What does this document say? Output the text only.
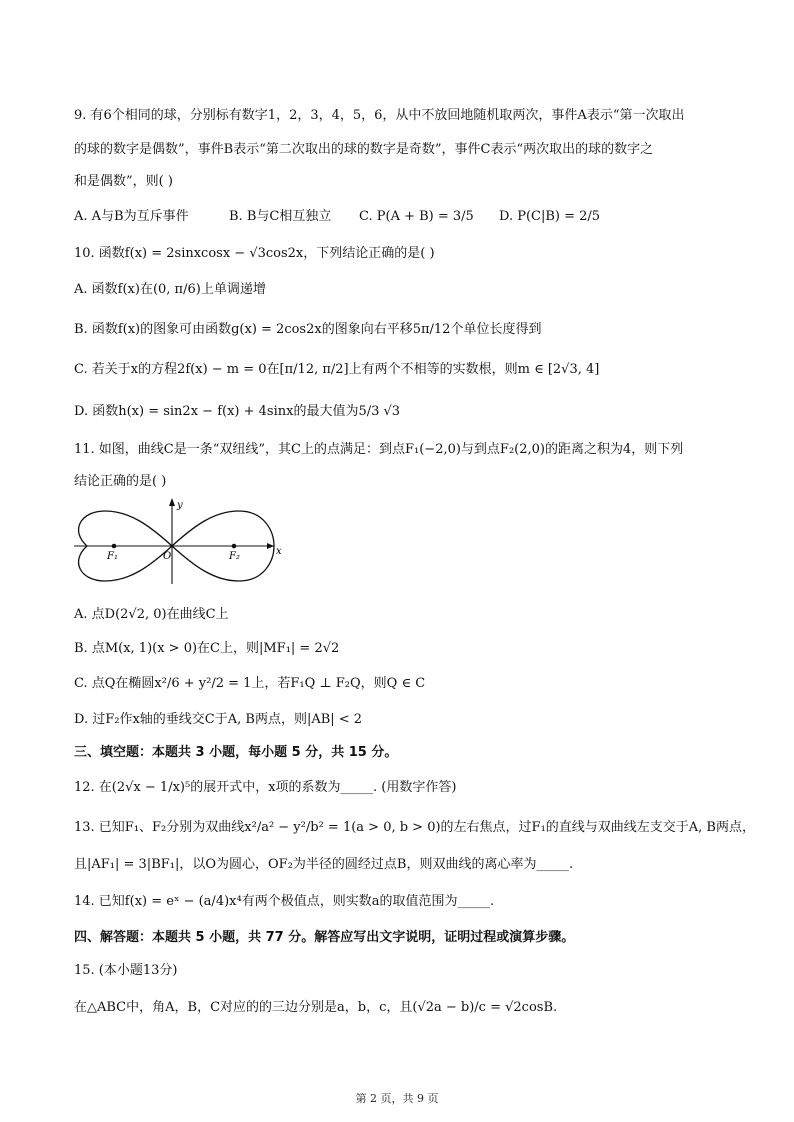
9. 有6个相同的球，分别标有数字1，2，3，4，5，6，从中不放回地随机取两次，事件A表示“第一次取出
的球的数字是偶数”，事件B表示“第二次取出的球的数字是奇数”，事件C表示“两次取出的球的数字之
和是偶数”，则( )
A. A与B为互斥事件	B. B与C相互独立 C. P(A + B) = 3/5 D. P(C|B) = 2/5
10. 函数f(x) = 2sinxcosx − √3cos2x，下列结论正确的是( )
A. 函数f(x)在(0, π/6)上单调递增
B. 函数f(x)的图象可由函数g(x) = 2cos2x的图象向右平移5π/12个单位长度得到
C. 若关于x的方程2f(x) − m = 0在[π/12, π/2]上有两个不相等的实数根，则m ∈ [2√3, 4]
D. 函数h(x) = sin2x − f(x) + 4sinx的最大值为5/3 √3
11. 如图，曲线C是一条“双纽线”，其C上的点满足：到点F₁(−2,0)与到点F₂(2,0)的距离之积为4，则下列
结论正确的是( )
F₁	F₂
O
y
x
A. 点D(2√2, 0)在曲线C上
B. 点M(x, 1)(x > 0)在C上，则|MF₁| = 2√2
C. 点Q在椭圆x²/6 + y²/2 = 1上，若F₁Q ⊥ F₂Q，则Q ∈ C
D. 过F₂作x轴的垂线交C于A, B两点，则|AB| < 2
三、填空题：本题共 3 小题，每小题 5 分，共 15 分。
12. 在(2√x − 1/x)⁵的展开式中，x项的系数为_____. (用数字作答)
13. 已知F₁、F₂分别为双曲线x²/a² − y²/b² = 1(a > 0, b > 0)的左右焦点，过F₁的直线与双曲线左支交于A, B两点，
且|AF₁| = 3|BF₁|，以O为圆心，OF₂为半径的圆经过点B，则双曲线的离心率为_____.
14. 已知f(x) = eˣ − (a/4)x⁴有两个极值点，则实数a的取值范围为_____.
四、解答题：本题共 5 小题，共 77 分。解答应写出文字说明，证明过程或演算步骤。
15. (本小题13分)
在△ABC中，角A，B，C对应的的三边分别是a，b，c，且(√2a − b)/c = √2cosB.
第 2 页，共 9 页
